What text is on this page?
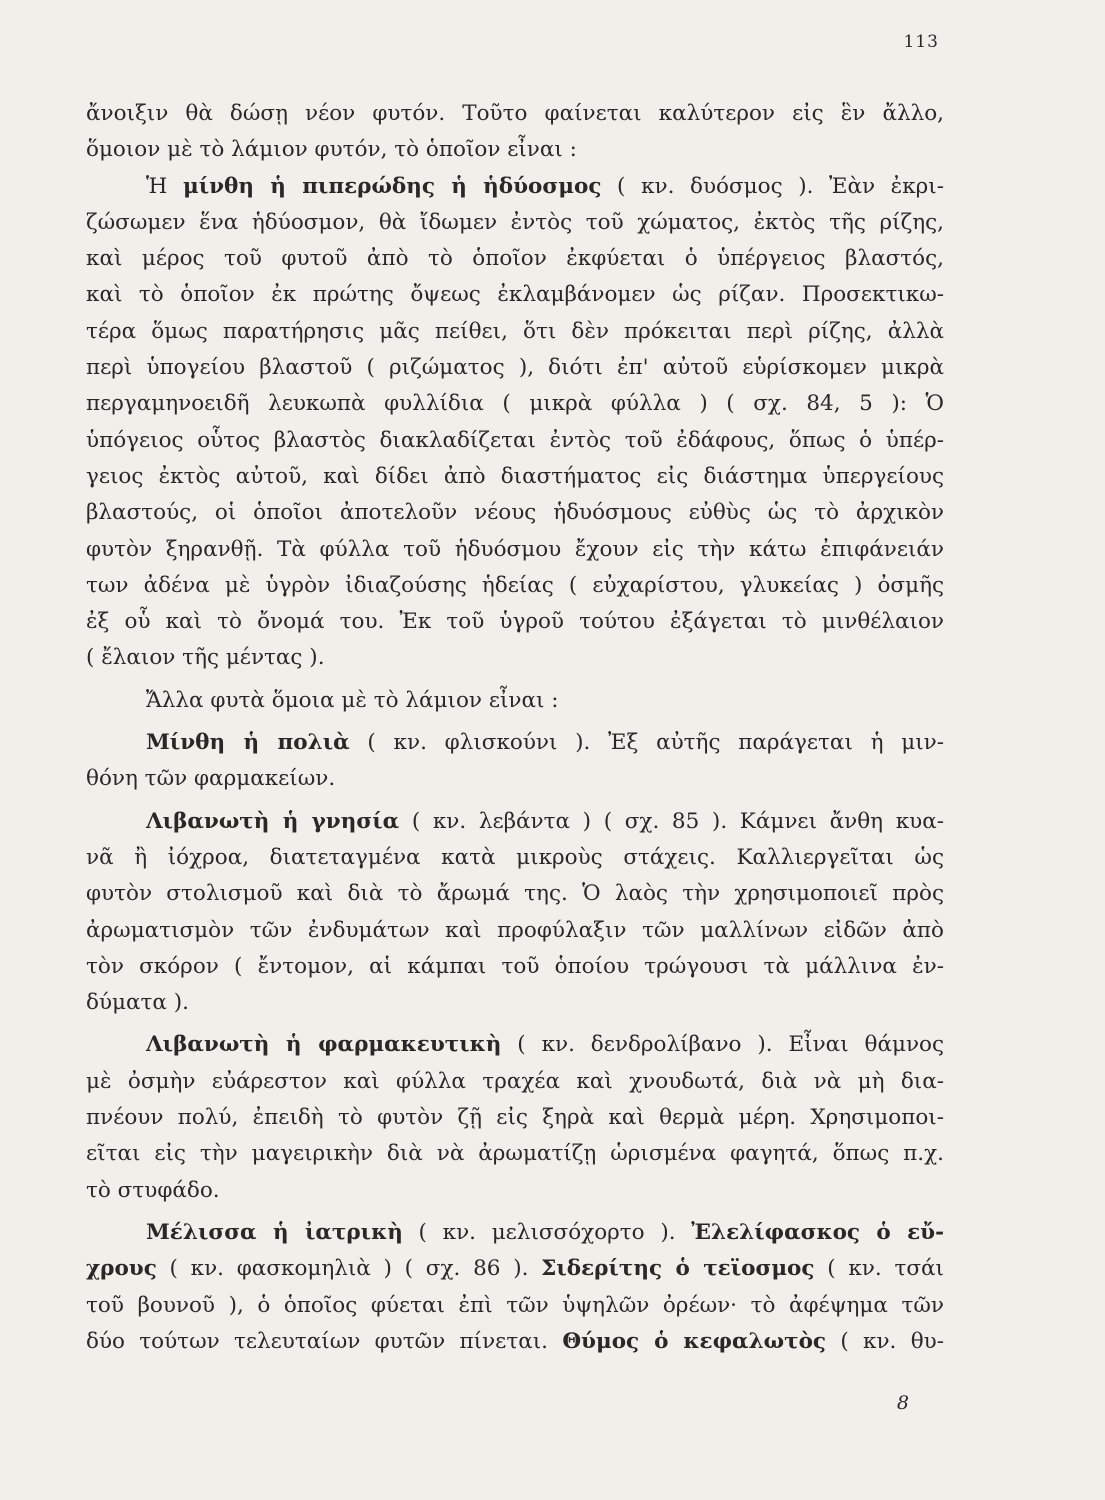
113
ἄνοιξιν θὰ δώσῃ νέον φυτόν. Τοῦτο φαίνεται καλύτερον εἰς ἓν ἄλλο,
ὅμοιον μὲ τὸ λάμιον φυτόν, τὸ ὁποῖον εἶναι :
Ἡ μίνθη ἡ πιπερώδης ἡ ἡδύοσμος ( κν. δυόσμος ). Ἐὰν ἐκρι-
ζώσωμεν ἕνα ἡδύοσμον, θὰ ἴδωμεν ἐντὸς τοῦ χώματος, ἐκτὸς τῆς ρίζης,
καὶ μέρος τοῦ φυτοῦ ἀπὸ τὸ ὁποῖον ἐκφύεται ὁ ὑπέργειος βλαστός,
καὶ τὸ ὁποῖον ἐκ πρώτης ὄψεως ἐκλαμβάνομεν ὡς ρίζαν. Προσεκτικω-
τέρα ὅμως παρατήρησις μᾶς πείθει, ὅτι δὲν πρόκειται περὶ ρίζης, ἀλλὰ
περὶ ὑπογείου βλαστοῦ ( ριζώματος ), διότι ἐπ' αὐτοῦ εὑρίσκομεν μικρὰ
περγαμηνοειδῆ λευκωπὰ φυλλίδια ( μικρὰ φύλλα ) ( σχ. 84, 5 ): Ὁ
ὑπόγειος οὗτος βλαστὸς διακλαδίζεται ἐντὸς τοῦ ἐδάφους, ὅπως ὁ ὑπέρ-
γειος ἐκτὸς αὐτοῦ, καὶ δίδει ἀπὸ διαστήματος εἰς διάστημα ὑπεργείους
βλαστούς, οἱ ὁποῖοι ἀποτελοῦν νέους ἡδυόσμους εὐθὺς ὡς τὸ ἀρχικὸν
φυτὸν ξηρανθῇ. Τὰ φύλλα τοῦ ἡδυόσμου ἔχουν εἰς τὴν κάτω ἐπιφάνειάν
των ἀδένα μὲ ὑγρὸν ἰδιαζούσης ἡδείας ( εὐχαρίστου, γλυκείας ) ὀσμῆς
ἐξ οὗ καὶ τὸ ὄνομά του. Ἐκ τοῦ ὑγροῦ τούτου ἐξάγεται τὸ μινθέλαιον
( ἔλαιον τῆς μέντας ).
Ἄλλα φυτὰ ὅμοια μὲ τὸ λάμιον εἶναι :
Μίνθη ἡ πολιὰ ( κν. φλισκούνι ). Ἐξ αὐτῆς παράγεται ἡ μιν-
θόνη τῶν φαρμακείων.
Λιβανωτὴ ἡ γνησία ( κν. λεβάντα ) ( σχ. 85 ). Κάμνει ἄνθη κυα-
νᾶ ἢ ἰόχροα, διατεταγμένα κατὰ μικροὺς στάχεις. Καλλιεργεῖται ὡς
φυτὸν στολισμοῦ καὶ διὰ τὸ ἄρωμά της. Ὁ λαὸς τὴν χρησιμοποιεῖ πρὸς
ἀρωματισμὸν τῶν ἐνδυμάτων καὶ προφύλαξιν τῶν μαλλίνων εἰδῶν ἀπὸ
τὸν σκόρον ( ἔντομον, αἱ κάμπαι τοῦ ὁποίου τρώγουσι τὰ μάλλινα ἐν-
δύματα ).
Λιβανωτὴ ἡ φαρμακευτικὴ ( κν. δενδρολίβανο ). Εἶναι θάμνος
μὲ ὀσμὴν εὐάρεστον καὶ φύλλα τραχέα καὶ χνουδωτά, διὰ νὰ μὴ δια-
πνέουν πολύ, ἐπειδὴ τὸ φυτὸν ζῇ εἰς ξηρὰ καὶ θερμὰ μέρη. Χρησιμοποι-
εῖται εἰς τὴν μαγειρικὴν διὰ νὰ ἀρωματίζῃ ὡρισμένα φαγητά, ὅπως π.χ.
τὸ στυφάδο.
Μέλισσα ἡ ἰατρικὴ ( κν. μελισσόχορτο ). Ἐλελίφασκος ὁ εὔ-
χρους ( κν. φασκομηλιὰ ) ( σχ. 86 ). Σιδερίτης ὁ τεϊοσμος ( κν. τσάι
τοῦ βουνοῦ ), ὁ ὁποῖος φύεται ἐπὶ τῶν ὑψηλῶν ὀρέων· τὸ ἀφέψημα τῶν
δύο τούτων τελευταίων φυτῶν πίνεται. Θύμος ὁ κεφαλωτὸς ( κν. θυ-
8
